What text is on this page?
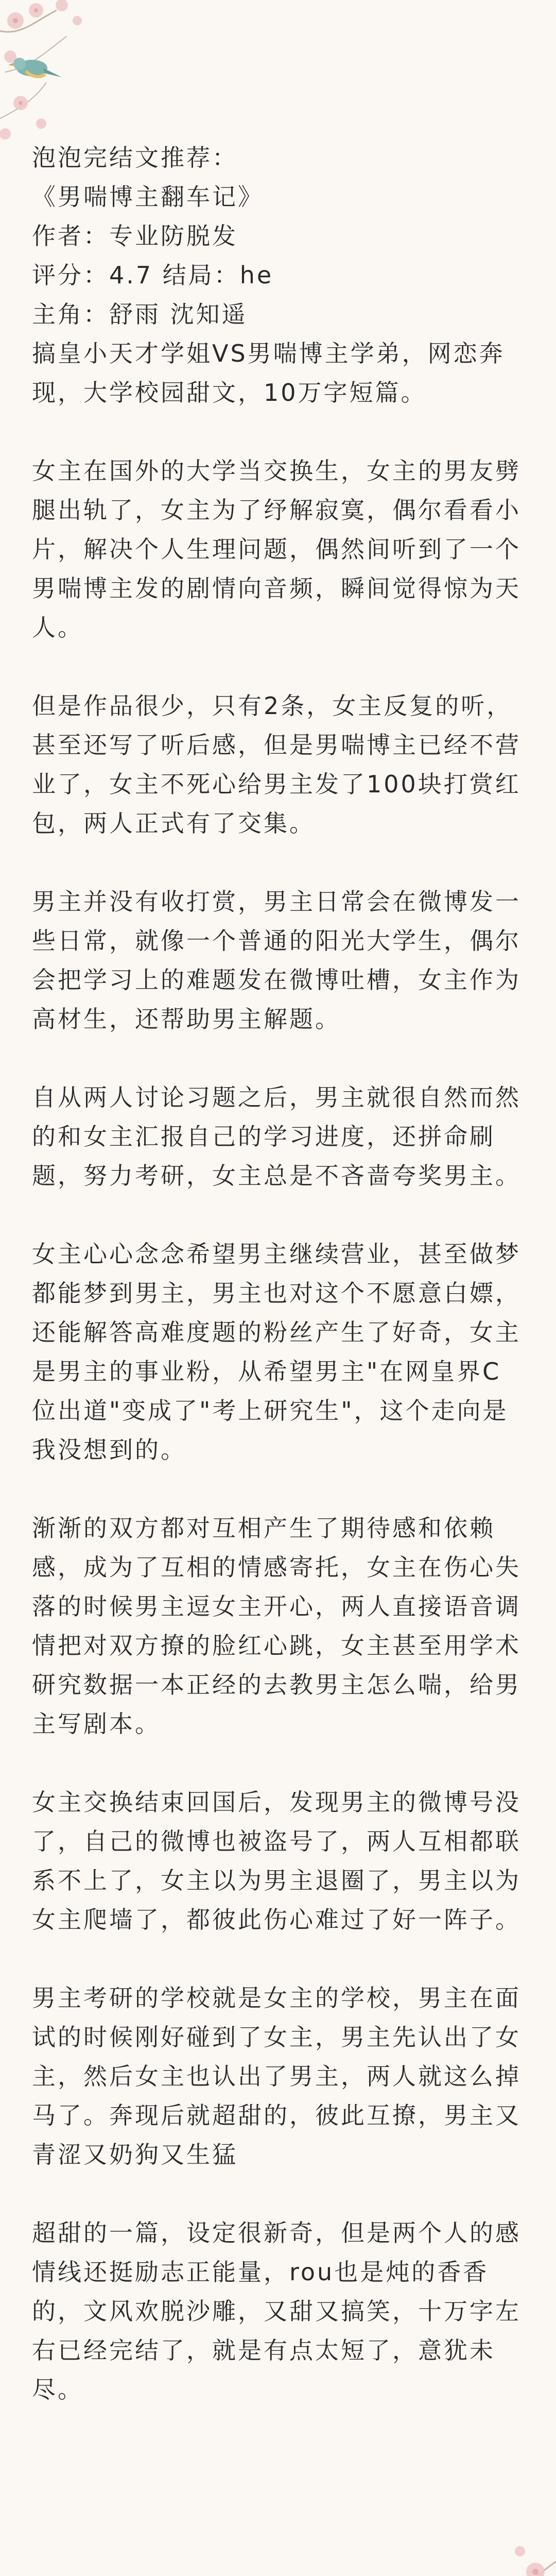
泡泡完结文推荐：

《男喘博主翻车记》

作者：专业防脱发

评分：4.7 结局：he

主角：舒雨 沈知遥

搞皇小天才学姐VS男喘博主学弟，网恋奔现，大学校园甜文，10万字短篇。

女主在国外的大学当交换生，女主的男友劈腿出轨了，女主为了纾解寂寞，偶尔看看小片，解决个人生理问题，偶然间听到了一个男喘博主发的剧情向音频，瞬间觉得惊为天人。

但是作品很少，只有2条，女主反复的听，甚至还写了听后感，但是男喘博主已经不营业了，女主不死心给男主发了100块打赏红包，两人正式有了交集。

男主并没有收打赏，男主日常会在微博发一些日常，就像一个普通的阳光大学生，偶尔会把学习上的难题发在微博吐槽，女主作为高材生，还帮助男主解题。

自从两人讨论习题之后，男主就很自然而然的和女主汇报自己的学习进度，还拼命刷题，努力考研，女主总是不吝啬夸奖男主。

女主心心念念希望男主继续营业，甚至做梦都能梦到男主，男主也对这个不愿意白嫖，还能解答高难度题的粉丝产生了好奇，女主是男主的事业粉，从希望男主"在网皇界C位出道"变成了"考上研究生"，这个走向是我没想到的。

渐渐的双方都对互相产生了期待感和依赖感，成为了互相的情感寄托，女主在伤心失落的时候男主逗女主开心，两人直接语音调情把对双方撩的脸红心跳，女主甚至用学术研究数据一本正经的去教男主怎么喘，给男主写剧本。

女主交换结束回国后，发现男主的微博号没了，自己的微博也被盗号了，两人互相都联系不上了，女主以为男主退圈了，男主以为女主爬墙了，都彼此伤心难过了好一阵子。

男主考研的学校就是女主的学校，男主在面试的时候刚好碰到了女主，男主先认出了女主，然后女主也认出了男主，两人就这么掉马了。奔现后就超甜的，彼此互撩，男主又青涩又奶狗又生猛

超甜的一篇，设定很新奇，但是两个人的感情线还挺励志正能量，rou也是炖的香香的，文风欢脱沙雕，又甜又搞笑，十万字左右已经完结了，就是有点太短了，意犹未尽。
